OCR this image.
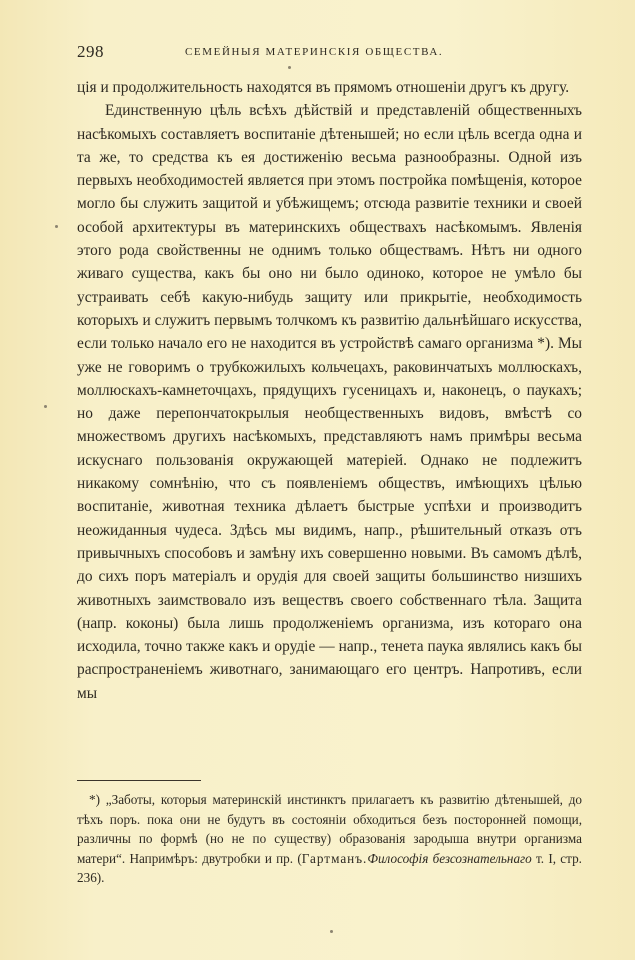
298	СЕМЕЙНЫЯ МАТЕРИНСКІЯ ОБЩЕСТВА.

ція и продолжительность находятся въ прямомъ отношеніи другъ къ другу.

Единственную цѣль всѣхъ дѣйствій и представленій общественныхъ насѣкомыхъ составляетъ воспитаніе дѣтенышей; но если цѣль всегда одна и та же, то средства къ ея достиженію весьма разнообразны. Одной изъ первыхъ необходимостей является при этомъ постройка помѣщенія, которое могло бы служить защитой и убѣжищемъ; отсюда развитіе техники и своей особой архитектуры въ материнскихъ обществахъ насѣкомымъ. Явленія этого рода свойственны не однимъ только обществамъ. Нѣтъ ни одного живаго существа, какъ бы оно ни было одиноко, которое не умѣло бы устраивать себѣ какую-нибудь защиту или прикрытіе, необходимость которыхъ и служитъ первымъ толчкомъ къ развитію дальнѣйшаго искусства, если только начало его не находится въ устройствѣ самаго организма *). Мы уже не говоримъ о трубкожилыхъ кольчецахъ, раковинчатыхъ моллюскахъ, моллюскахъ-камнеточцахъ, прядущихъ гусеницахъ и, наконецъ, о паукахъ; но даже перепончатокрылыя необщественныхъ видовъ, вмѣстѣ со множествомъ другихъ насѣкомыхъ, представляютъ намъ примѣры весьма искуснаго пользованія окружающей матеріей. Однако не подлежитъ никакому сомнѣнію, что съ появленіемъ обществъ, имѣющихъ цѣлью воспитаніе, животная техника дѣлаетъ быстрые успѣхи и производитъ неожиданныя чудеса. Здѣсь мы видимъ, напр., рѣшительный отказъ отъ привычныхъ способовъ и замѣну ихъ совершенно новыми. Въ самомъ дѣлѣ, до сихъ поръ матеріалъ и орудія для своей защиты большинство низшихъ животныхъ заимствовало изъ веществъ своего собственнаго тѣла. Защита (напр. коконы) была лишь продолженіемъ организма, изъ котораго она исходила, точно также какъ и орудіе — напр., тенета паука являлись какъ бы распространеніемъ животнаго, занимающаго его центръ. Напротивъ, если мы

*) „Заботы, которыя материнскій инстинктъ прилагаетъ къ развитію дѣтенышей, до тѣхъ поръ. пока они не будутъ въ состояніи обходиться безъ посторонней помощи, различны по формѣ (но не по существу) образованія зародыша внутри организма матери“. Напримѣръ: двутробки и пр. (Гартманъ.Философія безсознательнаго т. I, стр. 236).
